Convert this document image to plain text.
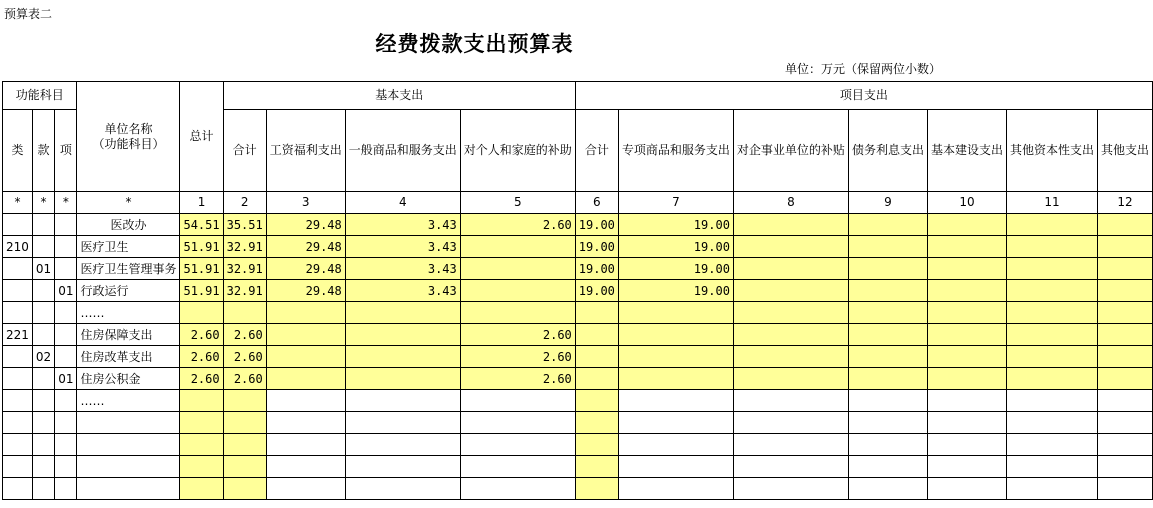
预算表二
经费拨款支出预算表
单位：万元（保留两位小数）
功能科目			单位名称
（功能科目）	总计	基本支出				项目支出						
类	款	项			合计	工资福利支出	一般商品和服务支出	对个人和家庭的补助	合计	专项商品和服务支出	对企事业单位的补贴	债务利息支出	基本建设支出	其他资本性支出	其他支出
*	*	*	*	1	2	3	4	5	6	7	8	9	10	11	12
			医改办	54.51	35.51	29.48	3.43	2.60	19.00	19.00					
210			医疗卫生	51.91	32.91	29.48	3.43		19.00	19.00					
	01		医疗卫生管理事务	51.91	32.91	29.48	3.43		19.00	19.00					
		01	行政运行	51.91	32.91	29.48	3.43		19.00	19.00					
			……												
221			住房保障支出	2.60	2.60			2.60							
	02		住房改革支出	2.60	2.60			2.60							
		01	住房公积金	2.60	2.60			2.60							
			……												
